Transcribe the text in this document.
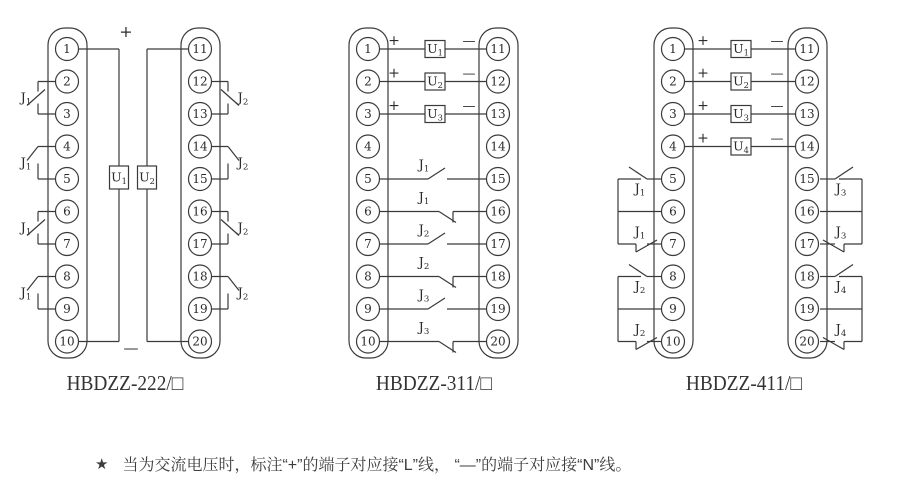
1
2
3
4
5
6
7
8
9
10
11
12
13
14
15
16
17
18
19
20
$U_1$ $U_2$
+
—
J1
J1
J1
J1
J2
J2
J2
J2
1	11
$U_1$
+	—
2	12
$U_2$
+	—
3	13
$U_3$
+	—
4	14
5	15
J1
6	16
J1
7	17
J2
8	18
J2
9	19
J3
10	20
J3
1	11
$U_1$
+	—
2	12
$U_2$
+	—
3	13
$U_3$
+	—
4	14
$U_4$
+	—
5	15
6	16
7	17
8	18
9	19
10	20
J1
J1
J2
J2
J3
J3
J4
J4
HBDZZ-222/□	HBDZZ-311/□	HBDZZ-411/□
★ 当为交流电压时，标注“+”的端子对应接“L”线， “—”的端子对应接“N”线。
